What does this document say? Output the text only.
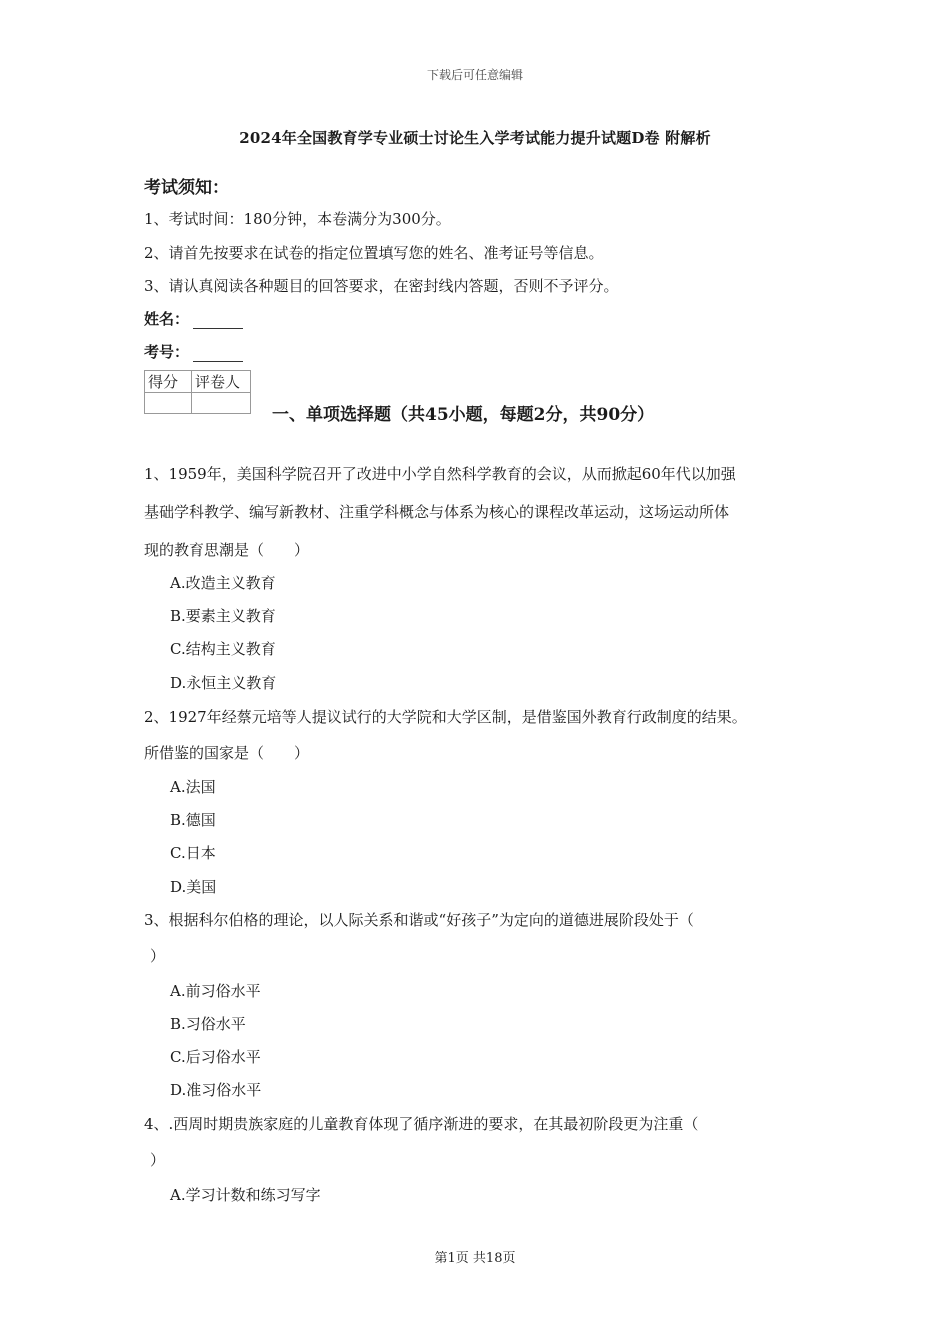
下载后可任意编辑
2024年全国教育学专业硕士讨论生入学考试能力提升试题D卷 附解析
考试须知：
1、考试时间：180分钟，本卷满分为300分。
2、请首先按要求在试卷的指定位置填写您的姓名、准考证号等信息。
3、请认真阅读各种题目的回答要求，在密封线内答题，否则不予评分。
姓名：
考号：
得分	评卷人

一、单项选择题（共45小题，每题2分，共90分）
1、1959年，美国科学院召开了改进中小学自然科学教育的会议，从而掀起60年代以加强
基础学科教学、编写新教材、注重学科概念与体系为核心的课程改革运动，这场运动所体
现的教育思潮是（　　）
A.改造主义教育
B.要素主义教育
C.结构主义教育
D.永恒主义教育
2、1927年经蔡元培等人提议试行的大学院和大学区制，是借鉴国外教育行政制度的结果。
所借鉴的国家是（　　）
A.法国
B.德国
C.日本
D.美国
3、根据科尔伯格的理论，以人际关系和谐或“好孩子”为定向的道德进展阶段处于（
）
A.前习俗水平
B.习俗水平
C.后习俗水平
D.准习俗水平
4、.西周时期贵族家庭的儿童教育体现了循序渐进的要求，在其最初阶段更为注重（
）
A.学习计数和练习写字
第1页 共18页
